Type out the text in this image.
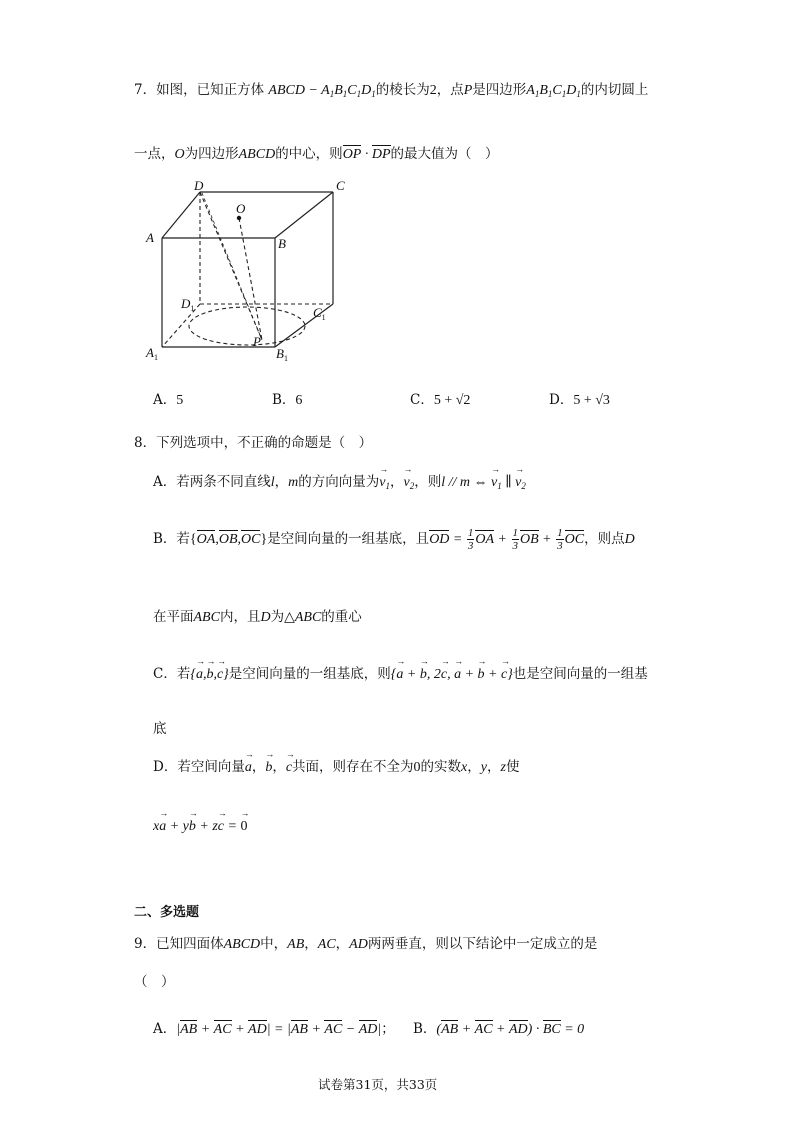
7．如图，已知正方体 ABCD − $A_1B_1C_1D_1$的棱长为2，点P是四边形$A_1B_1C_1D_1$的内切圆上
一点，O为四边形ABCD的中心，则OP · DP的最大值为（　）
D	C
O
A	B
$D_1$	$C_1$
$A_1$
P
$B_1$
A．5	B．6	C．5 + √2	D．5 + √3
8．下列选项中，不正确的命题是（　）
A．若两条不同直线l，m的方向向量为$v \to_1$，$v \to_2$，则l // m ⇔ $v \to_1$ ∥ $v \to_2$
B．若{OA,OB,OC}是空间向量的一组基底，且OD = $\frac{1}{3}$ OA + $\frac{1}{3}$ OB + $\frac{1}{3}$ OC，则点D
在平面ABC内，且D为△ABC的重心
C．若{a →,b →,c →}是空间向量的一组基底，则{a → + b →, 2c →, a → + b → + c →}也是空间向量的一组基
底
D．若空间向量a →，b →，c →共面，则存在不全为0的实数x，y，z使
xa → + yb → + zc → = 0 →
二、多选题
9．已知四面体ABCD中，AB，AC，AD两两垂直，则以下结论中一定成立的是
（　）
A．|AB + AC + AD| = |AB + AC − AD|； B．(AB + AC + AD) · BC = 0
试卷第31页，共33页
